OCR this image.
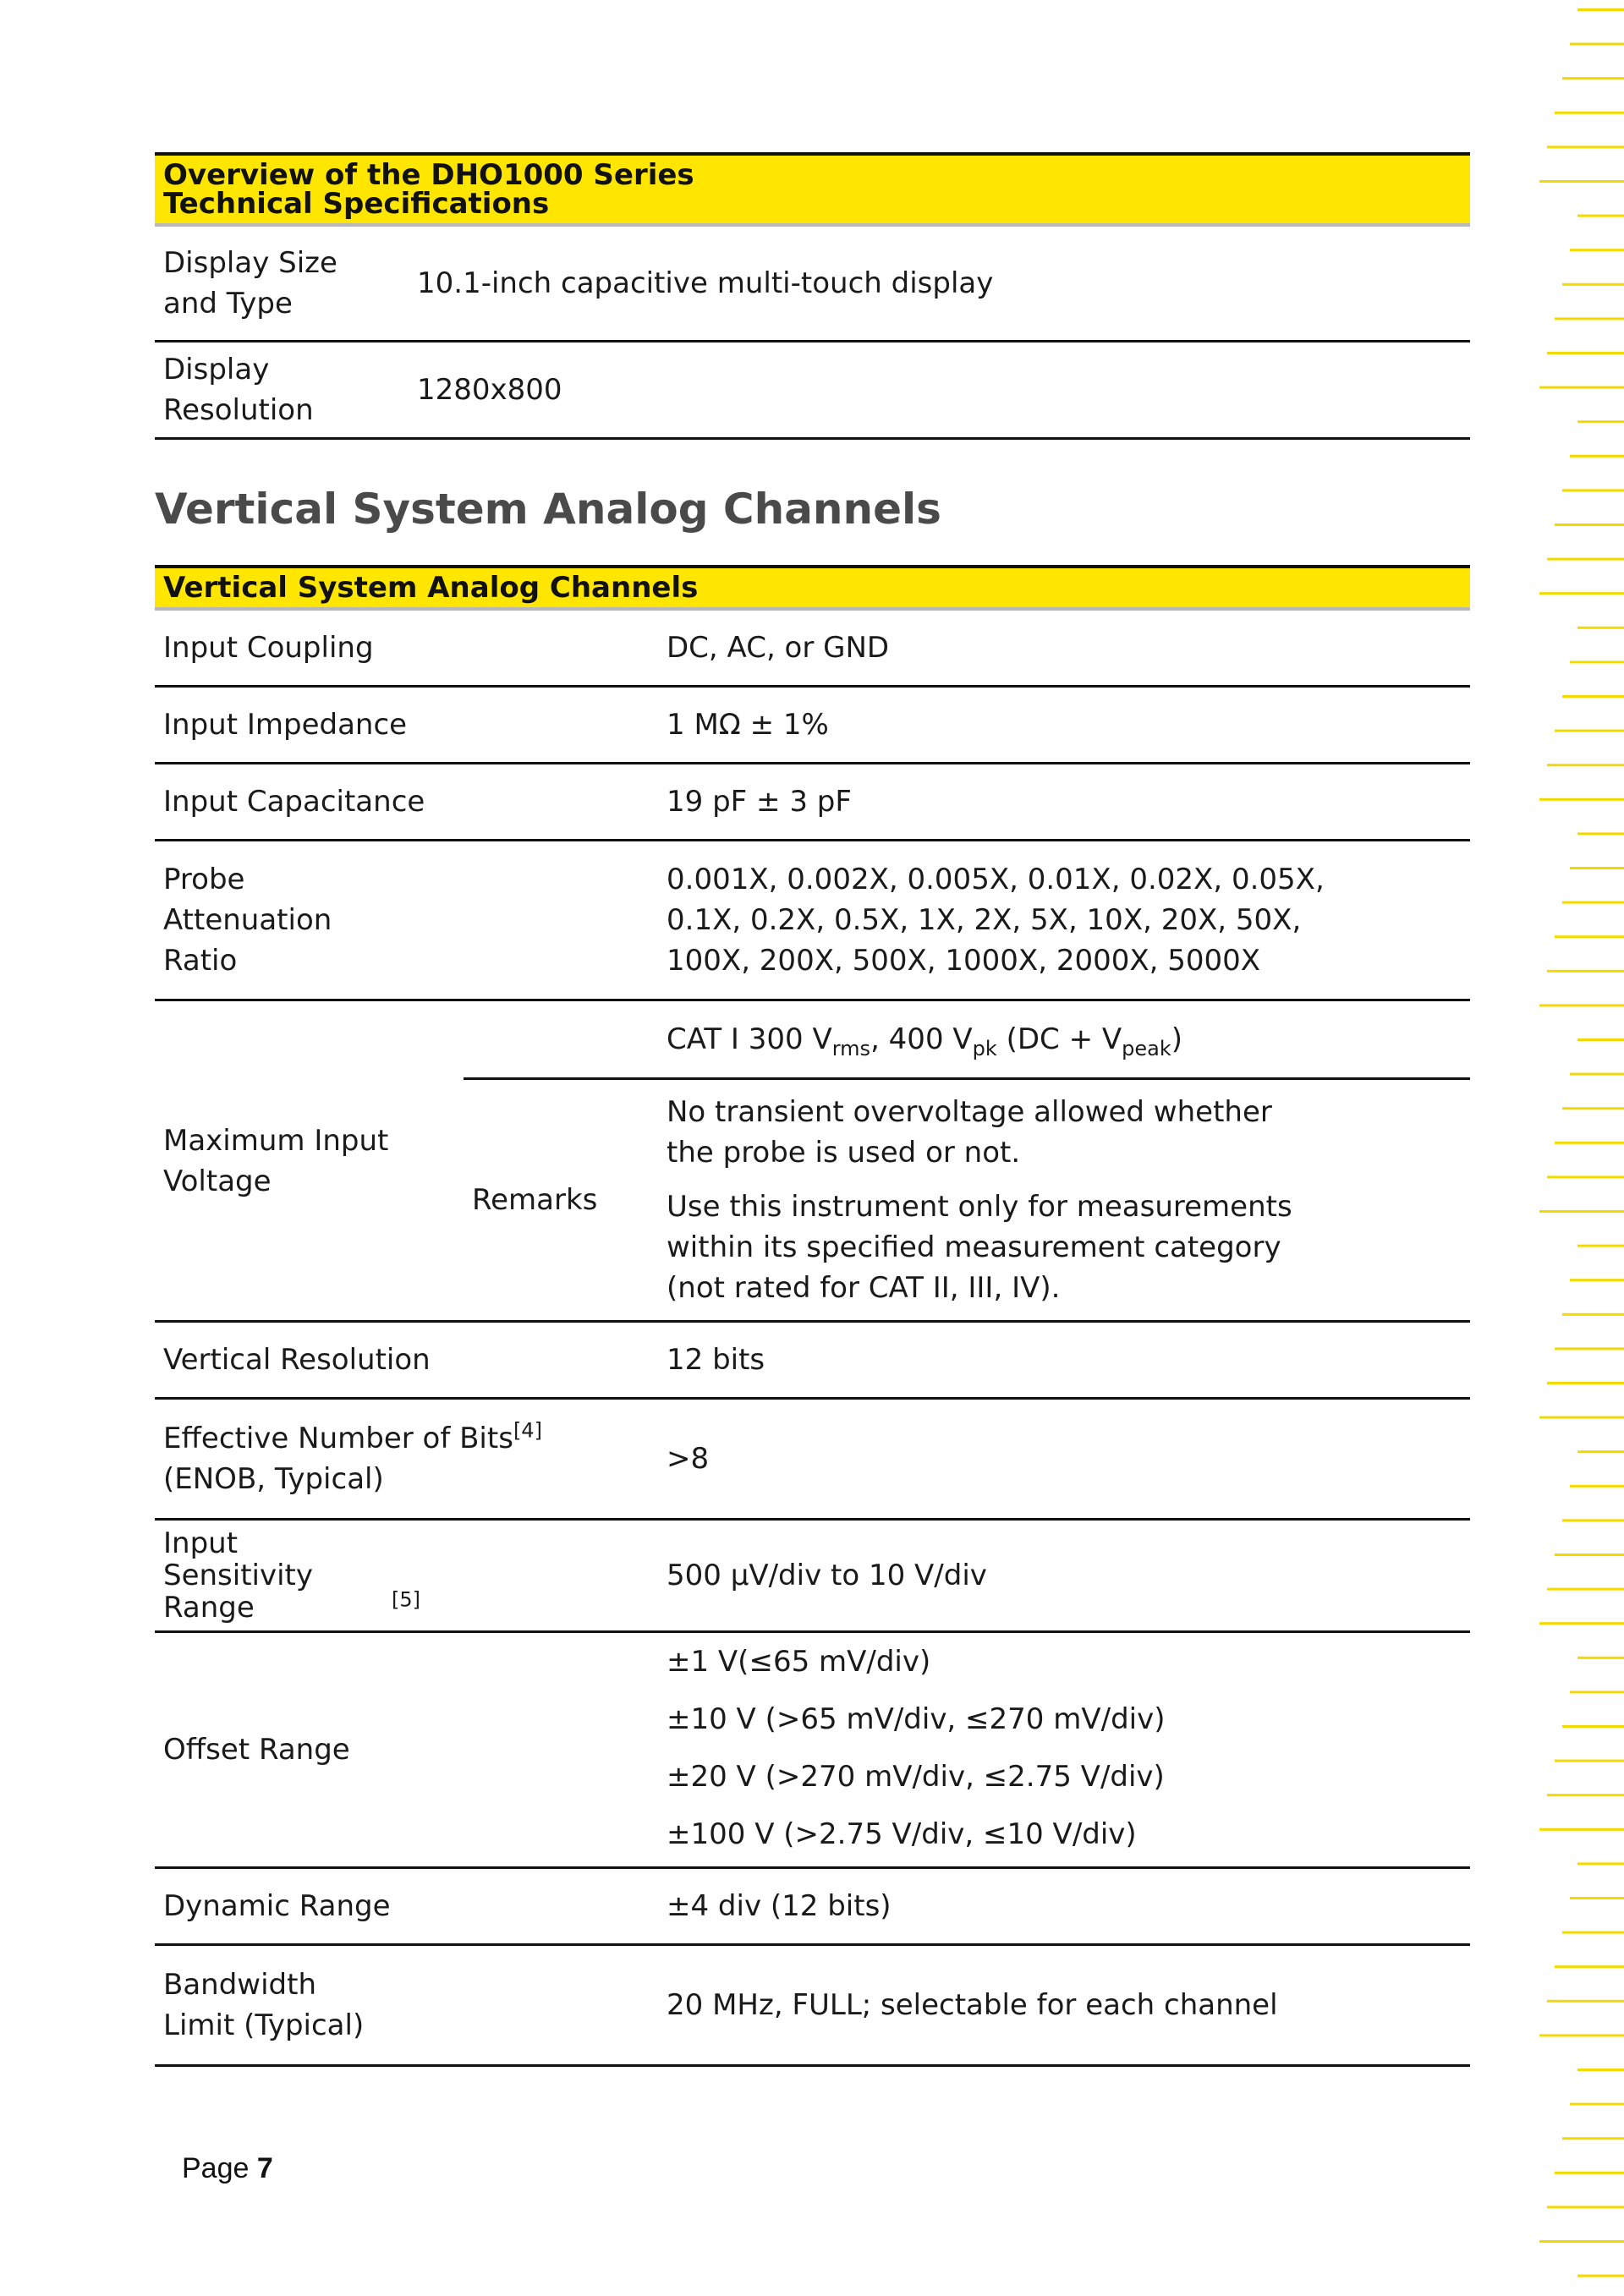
Overview of the DHO1000 Series Technical Specifications	

Display Size and Type	10.1-inch capacitive multi-touch display
Display Resolution	1280x800
Vertical System Analog Channels
Vertical System Analog Channels		
Input Coupling		DC, AC, or GND
Input Impedance		1 MΩ ± 1%
Input Capacitance		19 pF ± 3 pF

Probe Attenuation Ratio		0.001X, 0.002X, 0.005X, 0.01X, 0.02X, 0.05X, 0.1X, 0.2X, 0.5X, 1X, 2X, 5X, 10X, 20X, 50X, 100X, 200X, 500X, 1000X, 2000X, 5000X

Maximum Input Voltage		CAT I 300 $V_{rms}$, 400 $V_{pk}$ $(DC + V_{peak})$
	Remarks	No transient overvoltage allowed whether the probe is used or not.

Use this instrument only for measurements within its specified measurement category (not rated for CAT II, III, IV).

Vertical Resolution		12 bits
Effective Number of Bits[4] (ENOB, Typical)		>8
Input Sensitivity Range [5]		500 μV/div to 10 V/div
Offset Range		±1 V(≤65 mV/div)

±10 V (>65 mV/div, ≤270 mV/div)

±20 V (>270 mV/div, ≤2.75 V/div)

±100 V (>2.75 V/div, ≤10 V/div)

Dynamic Range		±4 div (12 bits)

Bandwidth Limit (Typical)		20 MHz, FULL; selectable for each channel
Page 7
